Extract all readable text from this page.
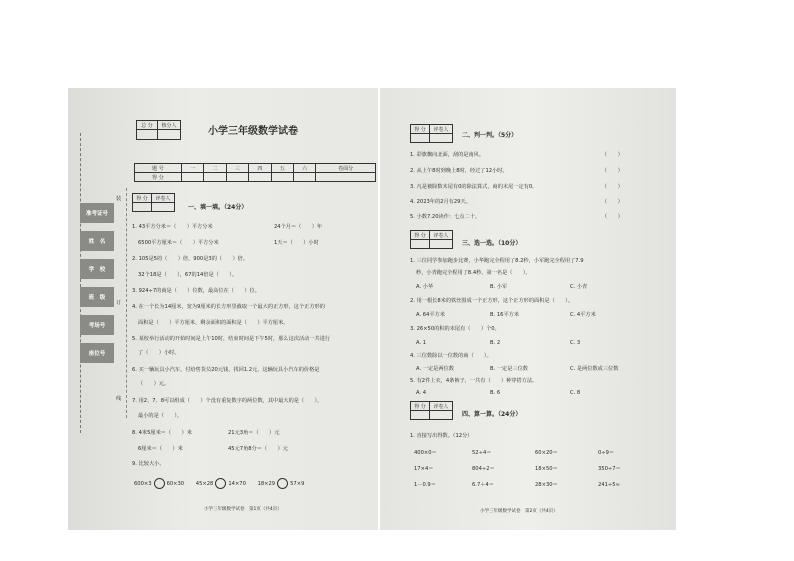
总 分	核分人

小学三年级数学试卷
题 号	一	二	三	四	五	六	卷面分
得 分							
准考证号
姓　名
学　校
班　级
考场号
座位号
装
订
线
得 分	评卷人

一、填一填。（24分）
1. 43平方分米＝（　　）平方分米	24个月＝（　　）年
6500平方厘米＝（　　）平方分米	1天＝（　　）小时
2. 105是5的（　　）倍，900是3的（　　）倍。
32个18是（　　），67的14倍是（　　）。
3. 924÷7的商是（　　）位数，最高位在（　　）位。
4. 在一个长为14厘米，宽为9厘米的长方形里截取一个最大的正方形，这个正方形的
面积是（　　）平方厘米，剩余面积的面积是（　　）平方厘米。
5. 某校举行活动的开始时间是上午10时，结束时间是下午5时，那么这次活动一共进行
了（　　）小时。
6. 买一辆玩具小汽车，付给售货员20元钱，找回1.2元，这辆玩具小汽车的价格是
（　　）元。
7. 用2、7、8可以组成（　　）个没有重复数字的两位数，其中最大的是（　　），
最小的是（　　）。
8. 4米5厘米＝（　　）米	21元3角＝（　　）元
6厘米＝（　　）米	45元7角8分＝（　　）元
9. 比较大小。
600×3	60×30 45×28	14×70 18×29	57×9
小学三年级数学试卷　第1页（共4页）
得 分	评卷人

二、判一判。（5分）
1. 彩旗飘向北面，刮的是南风。	（　　）
2. 从上午8时到晚上8时，经过了12小时。	（　　）
3. 凡是被除数末尾有0的除法算式，商的末尾一定有0。	（　　）
4. 2023年的2月有29天。	（　　）
5. 小数7.20读作：七点二十。	（　　）
得 分	评卷人

三、选一选。（10分）
1. 三位同学参加跑步比赛，小华跑完全程用了8.2秒，小军跑完全程用了7.9
秒，小青跑完全程用了8.4秒。第一名是（　　）。
A. 小华	B. 小军	C. 小青
2. 用一根长8米的铁丝围成一个正方形，这个正方形的面积是（　　）。
A. 64平方米	B. 16平方米	C. 4平方米
3. 26×50的积的末尾有（　　）个0。
A. 1	B. 2	C. 3
4. 三位数除以一位数的商（　　）。
A. 一定是两位数	B. 一定是三位数	C. 是两位数或三位数
5. 有2件上衣，4条裤子，一共有（　　）种穿搭方法。
A. 4	B. 6	C. 8
得 分	评卷人

四、算一算。（24分）
1. 直接写出得数。（12分）
400×0＝	52÷4＝	60×20＝	0÷9＝
17×4＝	804÷2＝	18×50＝	350÷7＝
1－0.9＝	6.7＋4＝	28×30＝	241÷5≈
小学三年级数学试卷　第2页（共4页）
